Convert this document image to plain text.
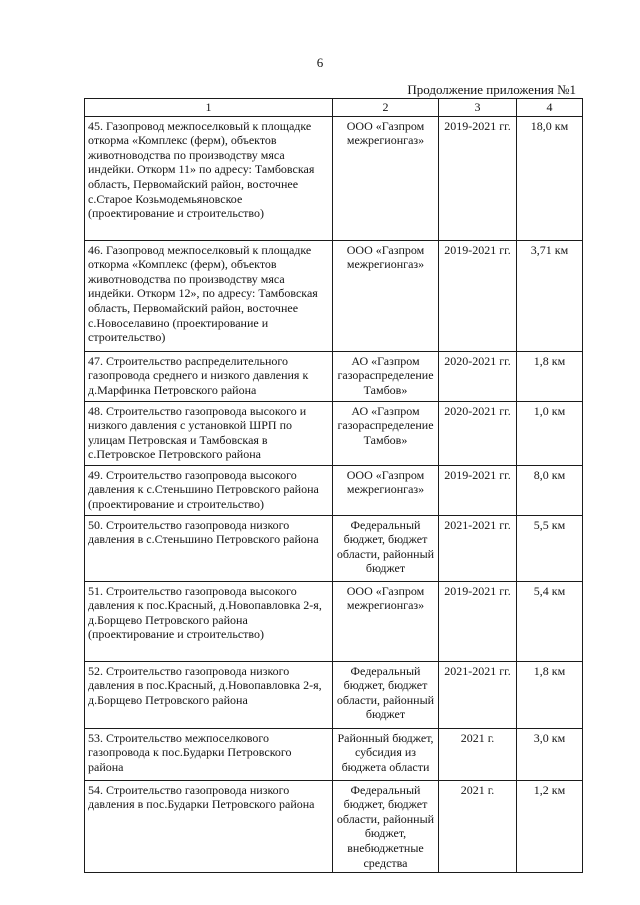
6
Продолжение приложения №1
1	2	3	4
45. Газопровод межпоселковый к площадке откорма «Комплекс (ферм), объектов животноводства по производству мяса индейки. Откорм 11» по адресу: Тамбовская область, Первомайский район, восточнее с.Старое Козьмодемьяновское (проектирование и строительство)	ООО «Газпром межрегионгаз»	2019-2021 гг.	18,0 км
46. Газопровод межпоселковый к площадке откорма «Комплекс (ферм), объектов животноводства по производству мяса индейки. Откорм 12», по адресу: Тамбовская область, Первомайский район, восточнее с.Новоселавино (проектирование и строительство)	ООО «Газпром межрегионгаз»	2019-2021 гг.	3,71 км
47. Строительство распределительного газопровода среднего и низкого давления к д.Марфинка Петровского района	АО «Газпром газораспределение Тамбов»	2020-2021 гг.	1,8 км
48. Строительство газопровода высокого и низкого давления с установкой ШРП по улицам Петровская и Тамбовская в с.Петровское Петровского района	АО «Газпром газораспределение Тамбов»	2020-2021 гг.	1,0 км
49. Строительство газопровода высокого давления к с.Стеньшино Петровского района (проектирование и строительство)	ООО «Газпром межрегионгаз»	2019-2021 гг.	8,0 км
50. Строительство газопровода низкого давления в с.Стеньшино Петровского района	Федеральный бюджет, бюджет области, районный бюджет	2021-2021 гг.	5,5 км
51. Строительство газопровода высокого давления к пос.Красный, д.Новопавловка 2-я, д.Борщево Петровского района (проектирование и строительство)	ООО «Газпром межрегионгаз»	2019-2021 гг.	5,4 км
52. Строительство газопровода низкого давления в пос.Красный, д.Новопавловка 2-я, д.Борщево Петровского района	Федеральный бюджет, бюджет области, районный бюджет	2021-2021 гг.	1,8 км
53. Строительство межпоселкового газопровода к пос.Бударки Петровского района	Районный бюджет, субсидия из бюджета области	2021 г.	3,0 км
54. Строительство газопровода низкого давления в пос.Бударки Петровского района	Федеральный бюджет, бюджет области, районный бюджет, внебюджетные средства	2021 г.	1,2 км
